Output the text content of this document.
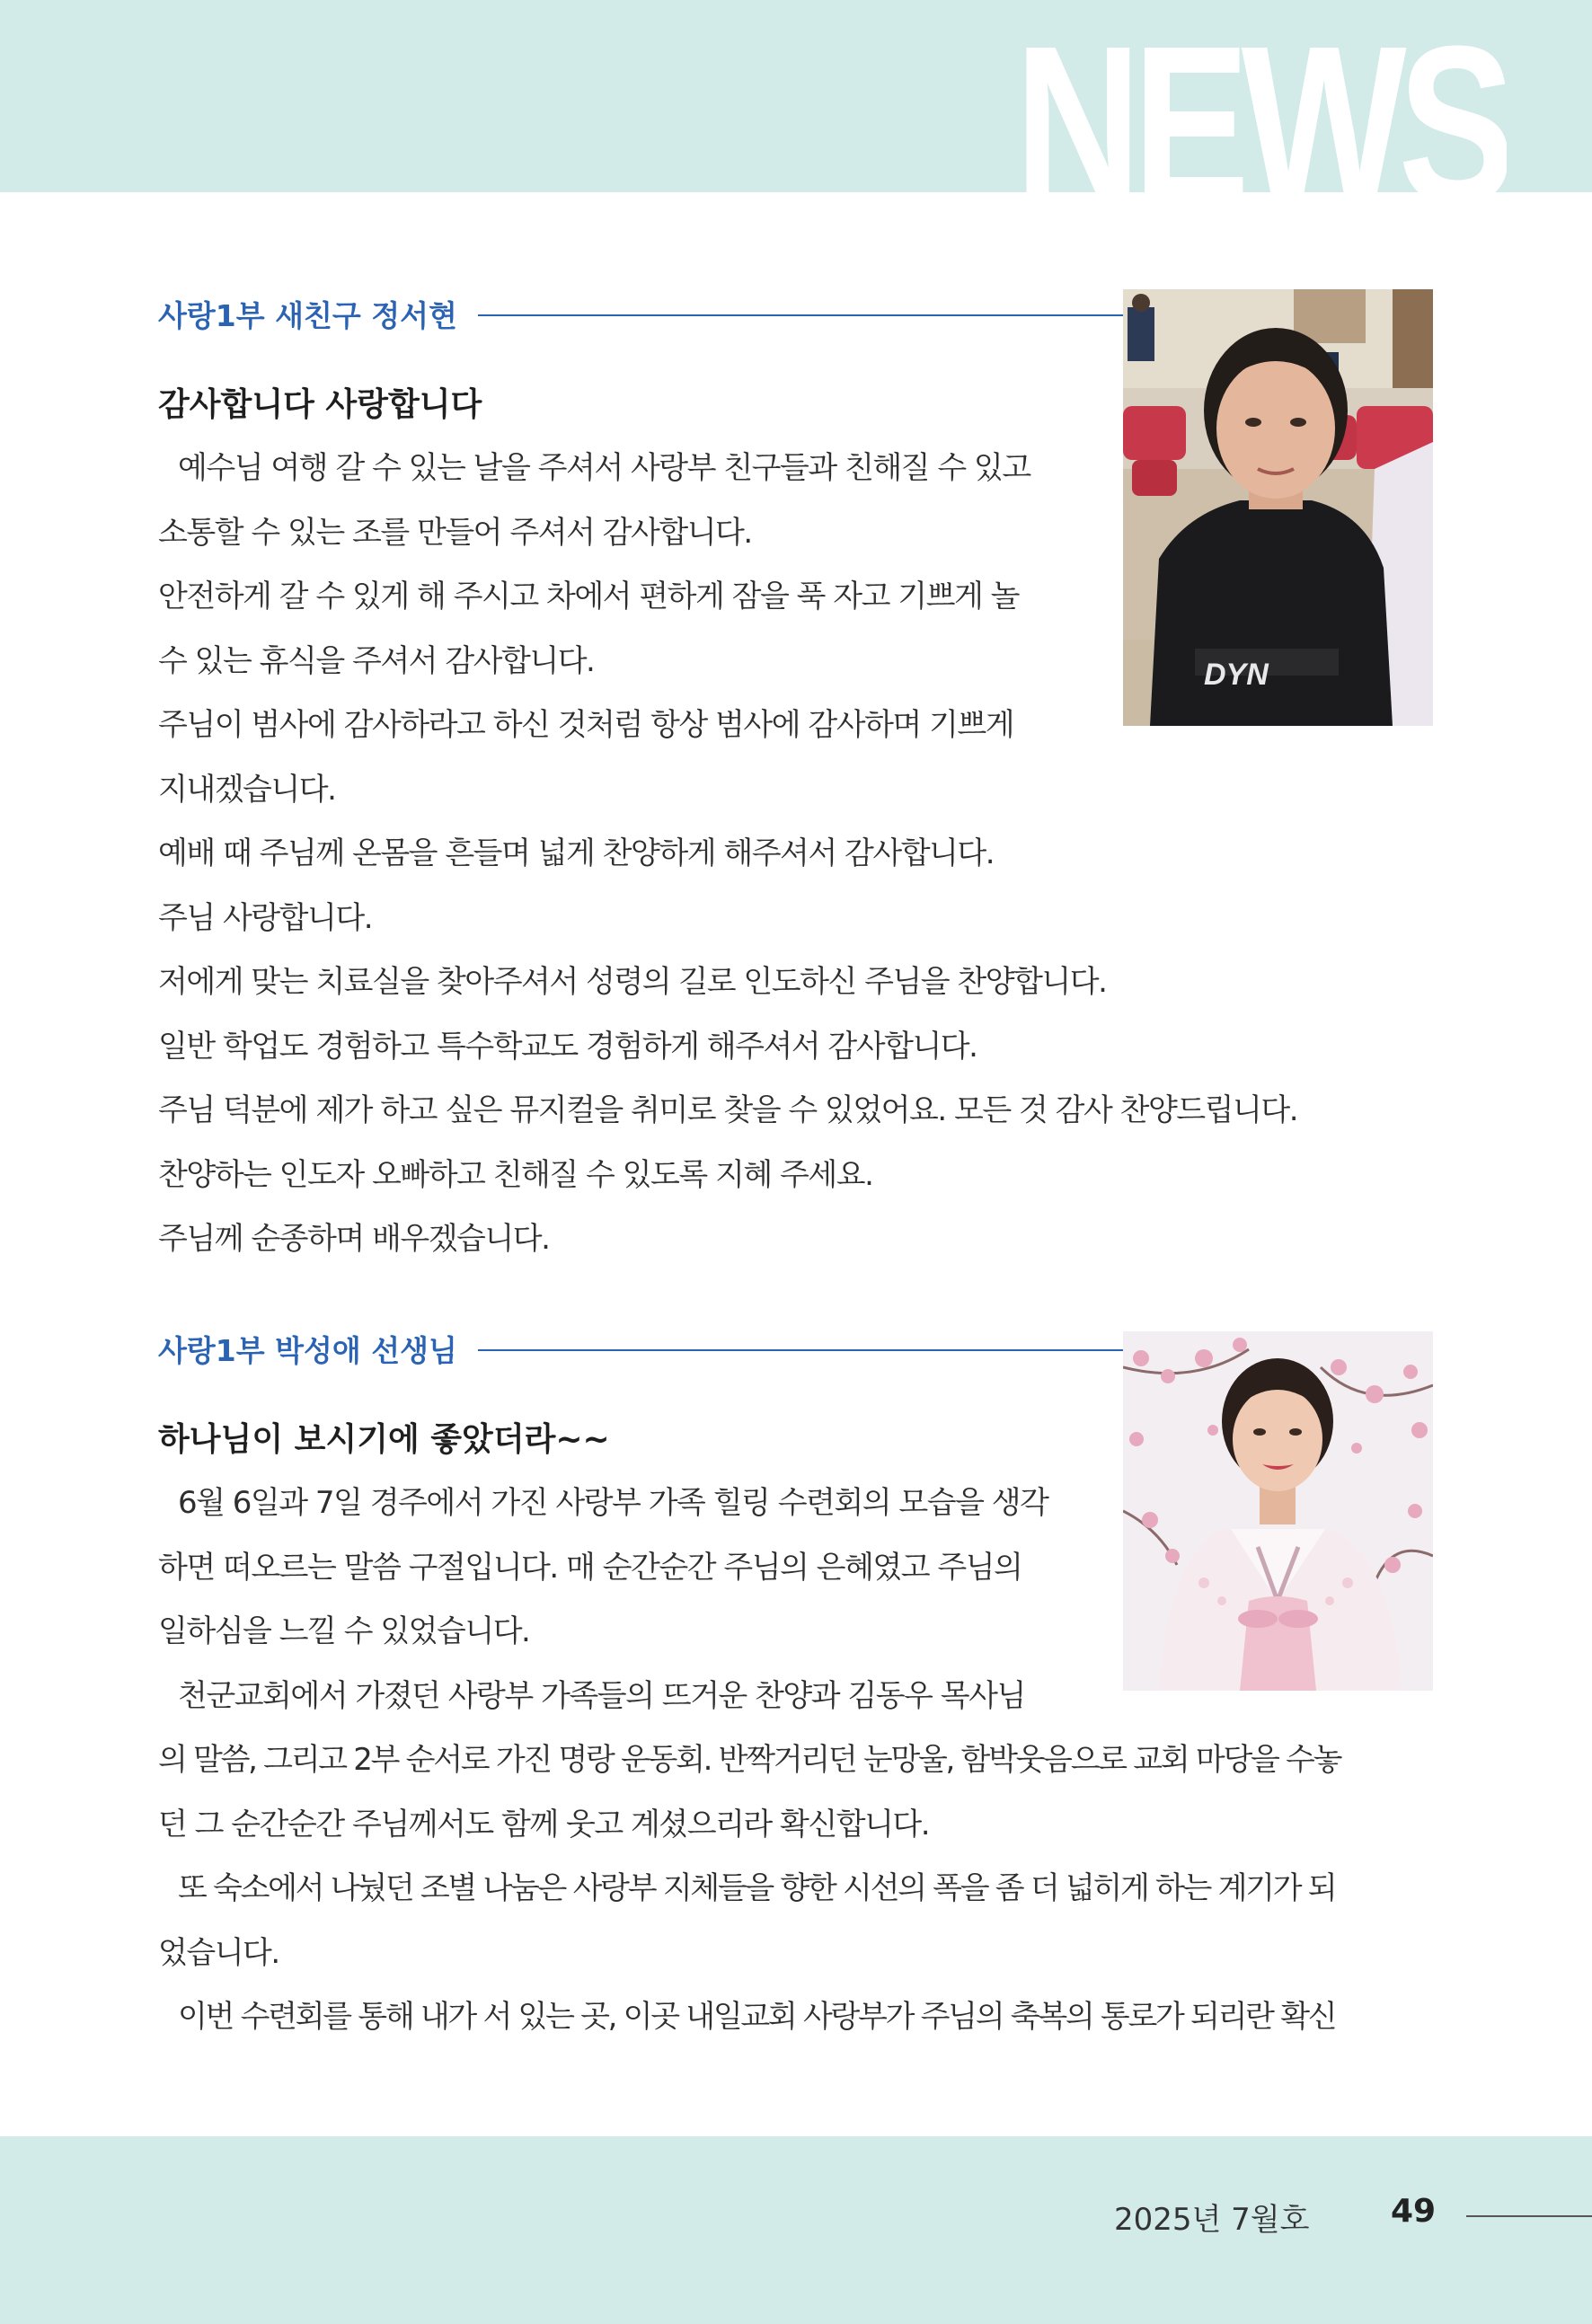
NEWS
사랑1부 새친구 정서현
감사합니다 사랑합니다
예수님 여행 갈 수 있는 날을 주셔서 사랑부 친구들과 친해질 수 있고
소통할 수 있는 조를 만들어 주셔서 감사합니다.
안전하게 갈 수 있게 해 주시고 차에서 편하게 잠을 푹 자고 기쁘게 놀
수 있는 휴식을 주셔서 감사합니다.
주님이 범사에 감사하라고 하신 것처럼 항상 범사에 감사하며 기쁘게
지내겠습니다.
예배 때 주님께 온몸을 흔들며 넓게 찬양하게 해주셔서 감사합니다.
주님 사랑합니다.
저에게 맞는 치료실을 찾아주셔서 성령의 길로 인도하신 주님을 찬양합니다.
일반 학업도 경험하고 특수학교도 경험하게 해주셔서 감사합니다.
주님 덕분에 제가 하고 싶은 뮤지컬을 취미로 찾을 수 있었어요. 모든 것 감사 찬양드립니다.
찬양하는 인도자 오빠하고 친해질 수 있도록 지혜 주세요.
주님께 순종하며 배우겠습니다.
DYN
사랑1부 박성애 선생님
하나님이 보시기에 좋았더라~~
6월 6일과 7일 경주에서 가진 사랑부 가족 힐링 수련회의 모습을 생각
하면 떠오르는 말씀 구절입니다. 매 순간순간 주님의 은혜였고 주님의
일하심을 느낄 수 있었습니다.
천군교회에서 가졌던 사랑부 가족들의 뜨거운 찬양과 김동우 목사님
의 말씀, 그리고 2부 순서로 가진 명랑 운동회. 반짝거리던 눈망울, 함박웃음으로 교회 마당을 수놓
던 그 순간순간 주님께서도 함께 웃고 계셨으리라 확신합니다.
또 숙소에서 나눴던 조별 나눔은 사랑부 지체들을 향한 시선의 폭을 좀 더 넓히게 하는 계기가 되
었습니다.
이번 수련회를 통해 내가 서 있는 곳, 이곳 내일교회 사랑부가 주님의 축복의 통로가 되리란 확신
2025년 7월호	49
